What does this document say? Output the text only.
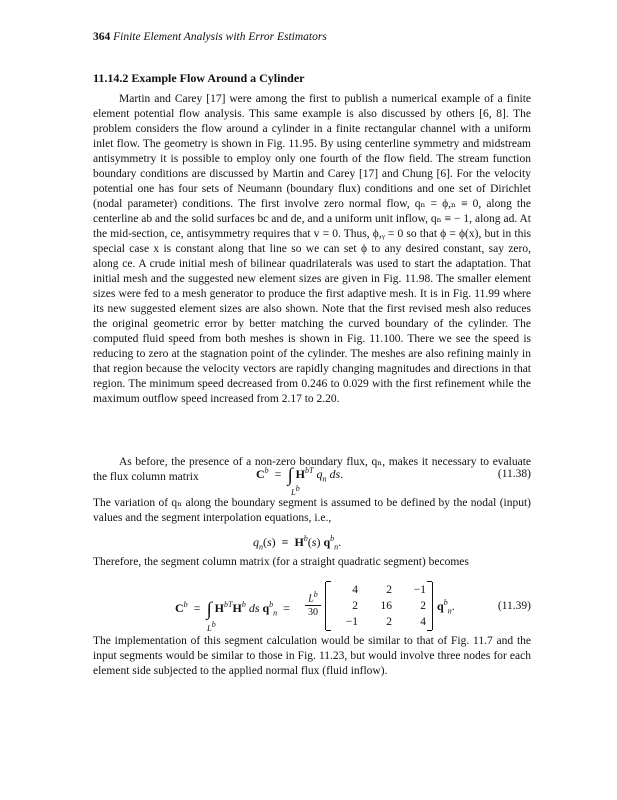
364 Finite Element Analysis with Error Estimators
11.14.2 Example Flow Around a Cylinder

Martin and Carey [17] were among the first to publish a numerical example of a finite element potential flow analysis. This same example is also discussed by others [6, 8]. The problem considers the flow around a cylinder in a finite rectangular channel with a uniform inlet flow. The geometry is shown in Fig. 11.95. By using centerline symmetry and midstream antisymmetry it is possible to employ only one fourth of the flow field. The stream function boundary conditions are discussed by Martin and Carey [17] and Chung [6]. For the velocity potential one has four sets of Neumann (boundary flux) conditions and one set of Dirichlet (nodal parameter) conditions. The first involve zero normal flow, qₙ = ϕ,ₙ ≡ 0, along the centerline ab and the solid surfaces bc and de, and a uniform unit inflow, qₙ ≡ − 1, along ad. At the mid-section, ce, antisymmetry requires that v = 0. Thus, ϕ,ᵧ = 0 so that ϕ = ϕ(x), but in this special case x is constant along that line so we can set ϕ to any desired constant, say zero, along ce. A crude initial mesh of bilinear quadrilaterals was used to start the adaptation. That initial mesh and the suggested new element sizes are given in Fig. 11.98. The smaller element sizes were fed to a mesh generator to produce the first adaptive mesh. It is in Fig. 11.99 where its new suggested element sizes are also shown. Note that the first revised mesh also reduces the original geometric error by better matching the curved boundary of the cylinder. The computed fluid speed from both meshes is shown in Fig. 11.100. There we see the speed is reducing to zero at the stagnation point of the cylinder. The meshes are also refining mainly in that region because the velocity vectors are rapidly changing magnitudes and directions in that region. The minimum speed decreased from 0.246 to 0.029 with the first refinement while the maximum outflow speed increased from 2.17 to 2.20.

As before, the presence of a non-zero boundary flux, qₙ, makes it necessary to evaluate the flux column matrix	$C^b$  =  ∫ $H^{bT}$ $q_n$ ds.
$L^b$
(11.38)

The variation of qₙ along the boundary segment is assumed to be defined by the nodal (input) values and the segment interpolation equations, i.e.,

$q_n(s) \equiv H^b(s)$ $q^b_n$.

Therefore, the segment column matrix (for a straight quadratic segment) becomes

$C^b$  =  ∫ $H^{bT}H^b$ ds $q^b_n$  =
$L^b$
$L^b$
30
4	2	−1
2	16	2
−1	2	4
$q^b_n$.	(11.39)

The implementation of this segment calculation would be similar to that of Fig. 11.7 and the input segments would be similar to those in Fig. 11.23, but would involve three nodes for each element side subjected to the applied normal flux (fluid inflow).
